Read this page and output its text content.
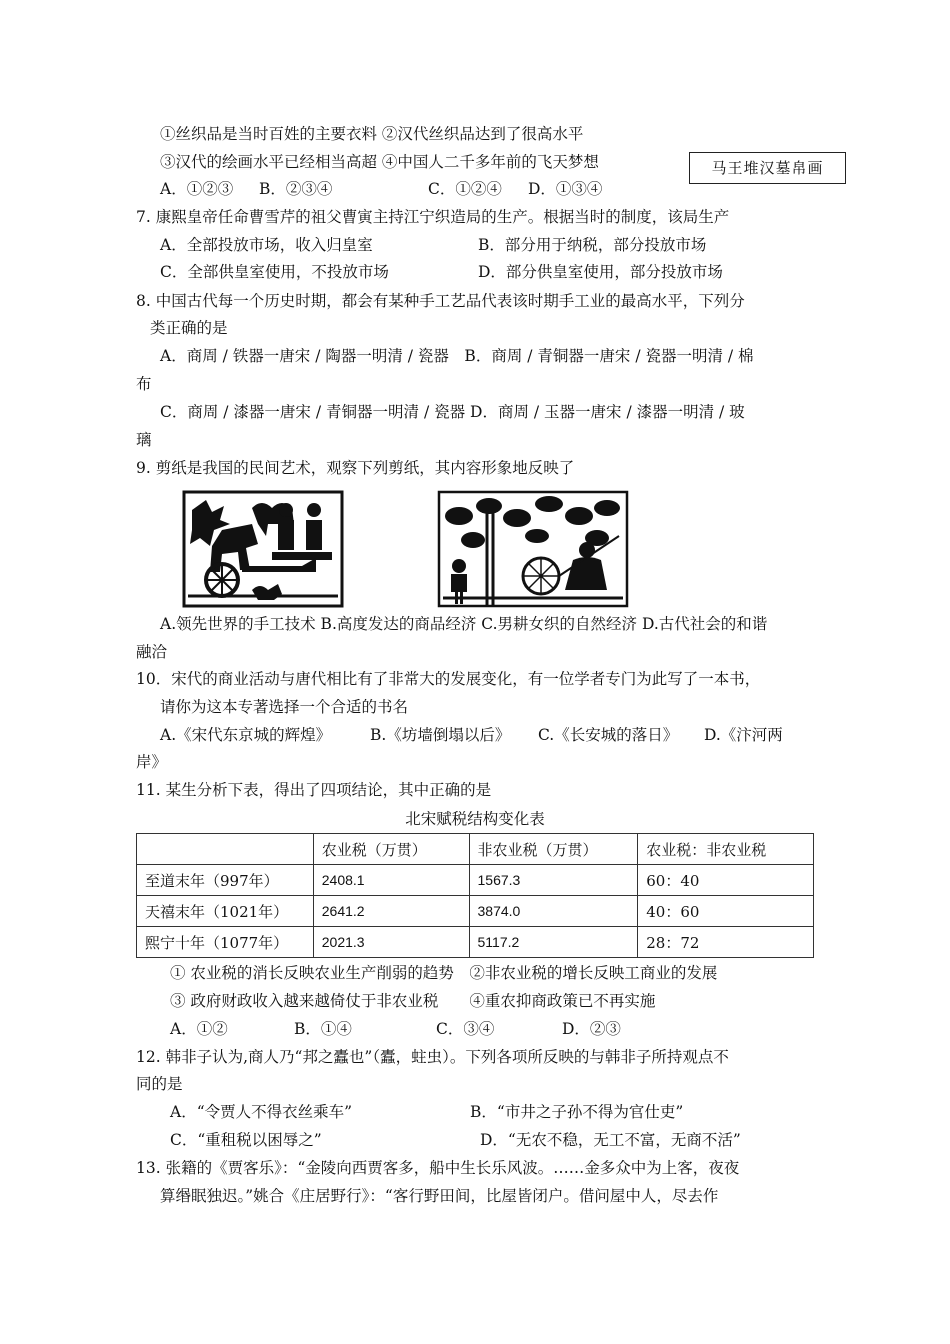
①丝织品是当时百姓的主要衣料 ②汉代丝织品达到了很高水平
③汉代的绘画水平已经相当高超 ④中国人二千多年前的飞天梦想	马王堆汉墓帛画
A．①②③ B．②③④	C．①②④ D．①③④
7. 康熙皇帝任命曹雪芹的祖父曹寅主持江宁织造局的生产。根据当时的制度，该局生产
A．全部投放市场，收入归皇室	B．部分用于纳税，部分投放市场
C．全部供皇室使用，不投放市场	D．部分供皇室使用，部分投放市场
8. 中国古代每一个历史时期，都会有某种手工艺品代表该时期手工业的最高水平，下列分
类正确的是
A．商周 / 铁器一唐宋 / 陶器一明清 / 瓷器　B．商周 / 青铜器一唐宋 / 瓷器一明清 / 棉
布
C．商周 / 漆器一唐宋 / 青铜器一明清 / 瓷器 D．商周 / 玉器一唐宋 / 漆器一明清 / 玻
璃
9. 剪纸是我国的民间艺术，观察下列剪纸，其内容形象地反映了
A.领先世界的手工技术 B.高度发达的商品经济 C.男耕女织的自然经济 D.古代社会的和谐
融洽
10．宋代的商业活动与唐代相比有了非常大的发展变化，有一位学者专门为此写了一本书，
请你为这本专著选择一个合适的书名
A.《宋代东京城的辉煌》	B.《坊墙倒塌以后》 C.《长安城的落日》 D.《汴河两
岸》
11. 某生分析下表，得出了四项结论，其中正确的是
北宋赋税结构变化表
	农业税（万贯）	非农业税（万贯）	农业税：非农业税
至道末年（997年）	2408.1	1567.3	60：40
天禧末年（1021年）	2641.2	3874.0	40：60
熙宁十年（1077年）	2021.3	5117.2	28：72
① 农业税的消长反映农业生产削弱的趋势　②非农业税的增长反映工商业的发展
③ 政府财政收入越来越倚仗于非农业税　　④重农抑商政策已不再实施
A．①②	B．①④	C．③④	D．②③
12. 韩非子认为,商人乃“邦之蠹也”（蠹，蛀虫）。下列各项所反映的与韩非子所持观点不
同的是
A．“令贾人不得衣丝乘车”	B．“市井之子孙不得为官仕吏”
C．“重租税以困辱之”	D．“无农不稳，无工不富，无商不活”
13. 张籍的《贾客乐》：“金陵向西贾客多，船中生长乐风波。……金多众中为上客，夜夜
算缗眠独迟。”姚合《庄居野行》：“客行野田间，比屋皆闭户。借问屋中人，尽去作
